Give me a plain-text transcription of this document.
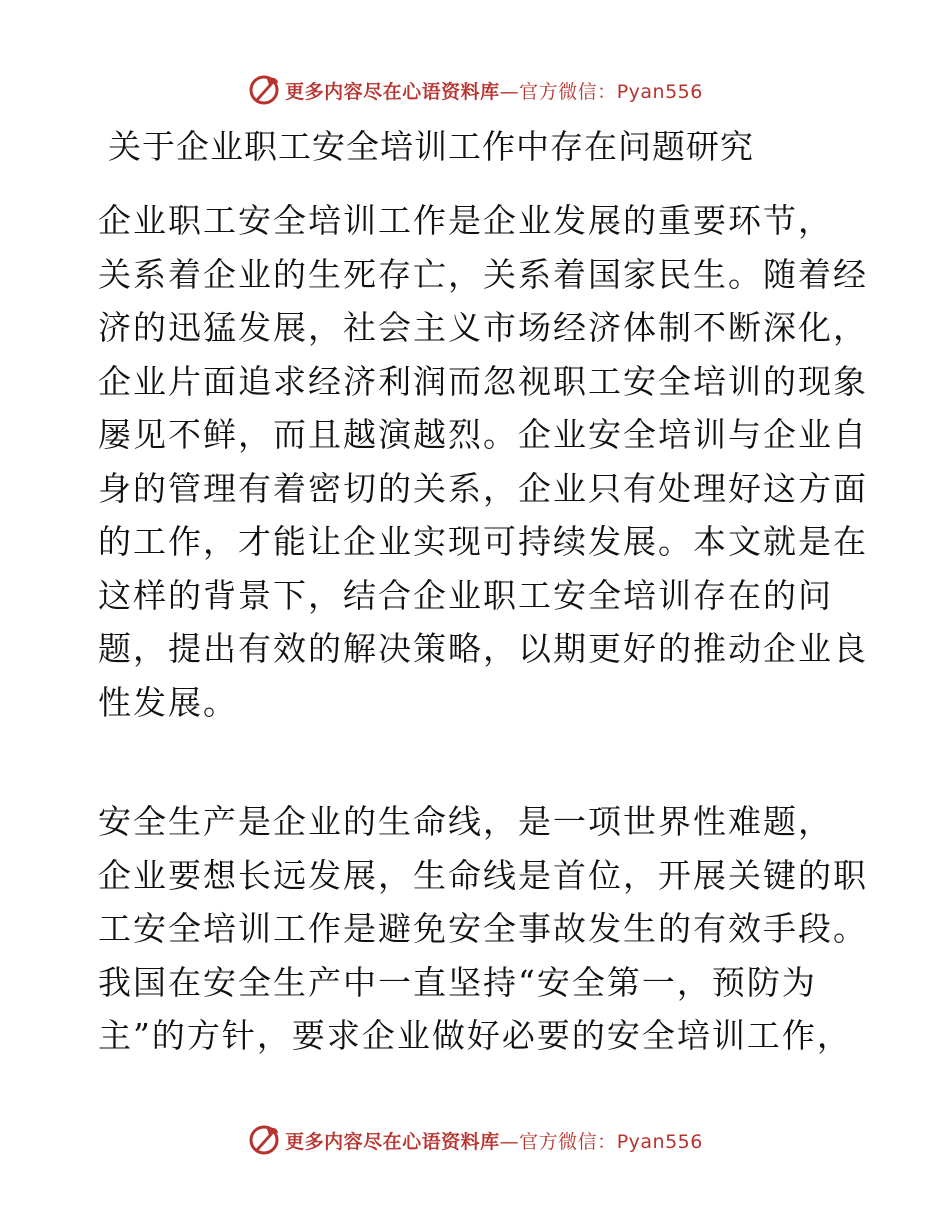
更多内容尽在心语资料库—官方微信：Pyan556
关于企业职工安全培训工作中存在问题研究
企业职工安全培训工作是企业发展的重要环节，
关系着企业的生死存亡，关系着国家民生。随着经
济的迅猛发展，社会主义市场经济体制不断深化，
企业片面追求经济利润而忽视职工安全培训的现象
屡见不鲜，而且越演越烈。企业安全培训与企业自
身的管理有着密切的关系，企业只有处理好这方面
的工作，才能让企业实现可持续发展。本文就是在
这样的背景下，结合企业职工安全培训存在的问
题，提出有效的解决策略，以期更好的推动企业良
性发展。
安全生产是企业的生命线，是一项世界性难题，
企业要想长远发展，生命线是首位，开展关键的职
工安全培训工作是避免安全事故发生的有效手段。
我国在安全生产中一直坚持“安全第一，预防为
主”的方针，要求企业做好必要的安全培训工作，
更多内容尽在心语资料库—官方微信：Pyan556
